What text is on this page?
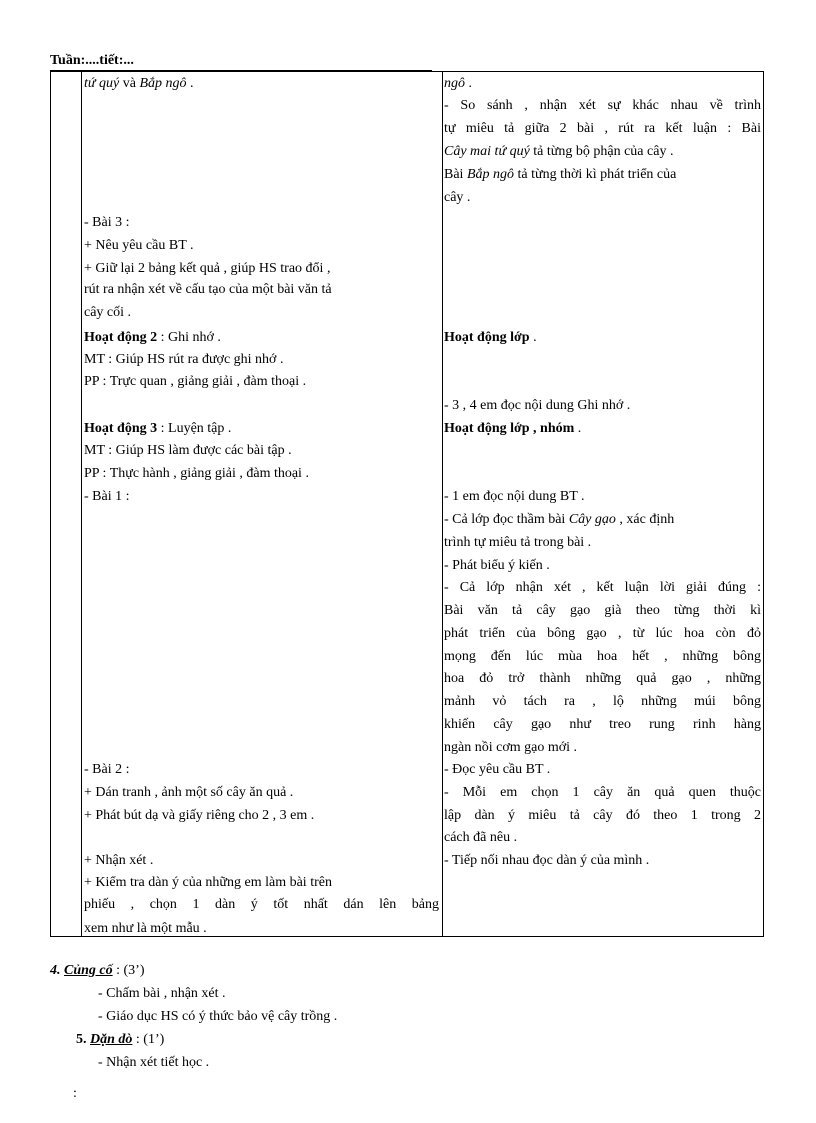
Tuần:....tiết:...
tứ quý và Bắp ngô .
- Bài 3 :
+ Nêu yêu cầu BT .
+ Giữ lại 2 bảng kết quả , giúp HS trao đổi ,
rút ra nhận xét về cấu tạo của một bài văn tả
cây cối .
Hoạt động 2 : Ghi nhớ .
MT : Giúp HS rút ra được ghi nhớ .
PP : Trực quan , giảng giải , đàm thoại .
Hoạt động 3 : Luyện tập .
MT : Giúp HS làm được các bài tập .
PP : Thực hành , giảng giải , đàm thoại .
- Bài 1 :
- Bài 2 :
+ Dán tranh , ảnh một số cây ăn quả .
+ Phát bút dạ và giấy riêng cho 2 , 3 em .
+ Nhận xét .
+ Kiểm tra dàn ý của những em làm bài trên
phiếu , chọn 1 dàn ý tốt nhất dán lên bảng
xem như là một mẫu .
ngô .
- So sánh , nhận xét sự khác nhau về trình
tự miêu tả giữa 2 bài , rút ra kết luận : Bài
Cây mai tứ quý tả từng bộ phận của cây .
Bài Bắp ngô tả từng thời kì phát triển của
cây .
Hoạt động lớp .
- 3 , 4 em đọc nội dung Ghi nhớ .
Hoạt động lớp , nhóm .
- 1 em đọc nội dung BT .
- Cả lớp đọc thầm bài Cây gạo , xác định
trình tự miêu tả trong bài .
- Phát biểu ý kiến .
- Cả lớp nhận xét , kết luận lời giải đúng :
Bài văn tả cây gạo già theo từng thời kì
phát triển của bông gạo , từ lúc hoa còn đỏ
mọng đến lúc mùa hoa hết , những bông
hoa đỏ trở thành những quả gạo , những
mảnh vỏ tách ra , lộ những múi bông
khiến cây gạo như treo rung rinh hàng
ngàn nồi cơm gạo mới .
- Đọc yêu cầu BT .
- Mỗi em chọn 1 cây ăn quả quen thuộc
lập dàn ý miêu tả cây đó theo 1 trong 2
cách đã nêu .
- Tiếp nối nhau đọc dàn ý của mình .
4. Củng cố : (3’)
- Chấm bài , nhận xét .
- Giáo dục HS có ý thức bảo vệ cây trồng .
5. Dặn dò : (1’)
- Nhận xét tiết học .
:
